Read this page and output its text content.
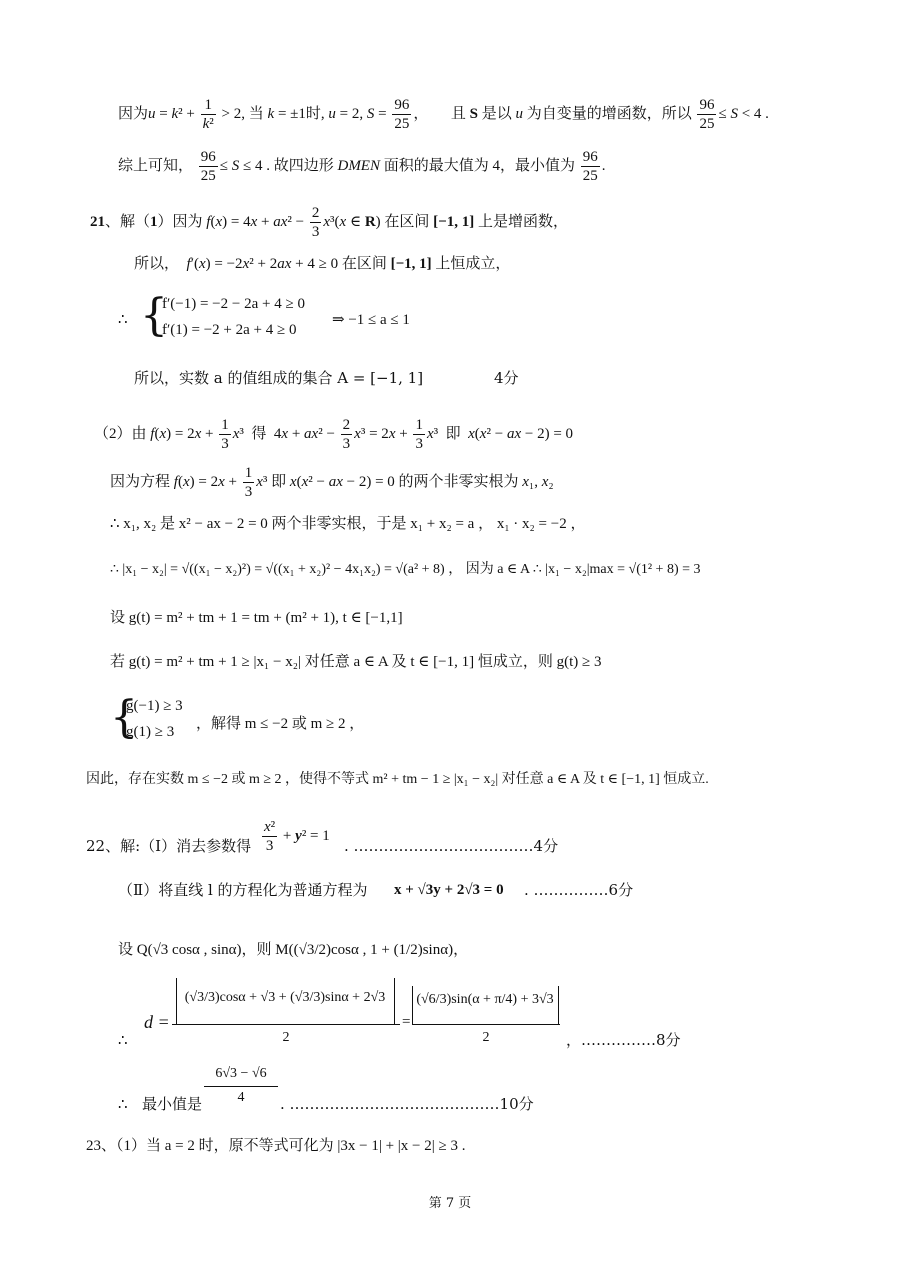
因为$u = k^2 + \frac{1}{\text{k²}} > 2$, 当 k = ±1时, u = 2, $S = \frac{96}{25}$ ，      且 S 是以 u 为自变量的增函数，所以 $\frac{96}{25} \le S < 4$ .
综上可知， $\frac{96}{25} \le S \le 4$ . 故四边形 DMEN 面积的最大值为 4，最小值为 $\frac{96}{25}$ .
21、解（1）因为 $f(x) = 4x + ax^2 - \frac{2}{3} x^3(x$ ∈ R) 在区间 [−1, 1] 上是增函数，
所以，  f′(x) = −2x² + 2ax + 4 ≥ 0 在区间 [−1, 1] 上恒成立，
∴ {
f′(−1) = −2 − 2a + 4 ≥ 0
f′(1) = −2 + 2a + 4 ≥ 0
⇒ −1 ≤ a ≤ 1
所以，实数 a 的值组成的集合 A = [−1, 1]	4分
（2）由 $f(x) = 2x + \frac{1}{3} x^3$  得  $4x + ax^2 - \frac{2}{3} x^3 = 2x + \frac{1}{3} x^3$  即  x(x² − ax − 2) = 0
因为方程 $f(x) = 2x + \frac{1}{3} x^3$ 即 x(x² − ax − 2) = 0 的两个非零实根为 x₁, x₂
∴ x₁, x₂ 是 x² − ax − 2 = 0 两个非零实根，于是 x₁ + x₂ = a ， x₁ · x₂ = −2 ，
∴ |x₁ − x₂| = √((x₁ − x₂)²) = √((x₁ + x₂)² − 4x₁x₂) = √(a² + 8) ， 因为 a ∈ A ∴ |x₁ − x₂|max = √(1² + 8) = 3
设 g(t) = m² + tm + 1 = tm + (m² + 1), t ∈ [−1,1]
若 g(t) = m² + tm + 1 ≥ |x₁ − x₂| 对任意 a ∈ A 及 t ∈ [−1, 1] 恒成立，则 g(t) ≥ 3
{
g(−1) ≥ 3
g(1) ≥ 3 ，解得 m ≤ −2 或 m ≥ 2 ，
因此，存在实数 m ≤ −2 或 m ≥ 2 ，使得不等式 m² + tm − 1 ≥ |x₁ − x₂| 对任意 a ∈ A 及 t ∈ [−1, 1] 恒成立.
22、解:（Ⅰ）消去参数得 $\frac{\text{x²}}{3} + y^2 = 1$
. ………………………………4分
（Ⅱ）将直线 l 的方程化为普通方程为 x + √3y + 2√3 = 0 . ……………6分
设 Q(√3 cosα , sinα)，则 M((√3/2)cosα , 1 + (1/2)sinα)，
∴
d =
(√3/3)cosα + √3 + (√3/3)sinα + 2√3
2
=
(√6/3)sin(α + π/4) + 3√3
2	，……………8分
∴ 最小值是
6√3 − √6
4	. ……………………………………10分
23、（1）当 a = 2 时，原不等式可化为 |3x − 1| + |x − 2| ≥ 3 .
第 7 页
